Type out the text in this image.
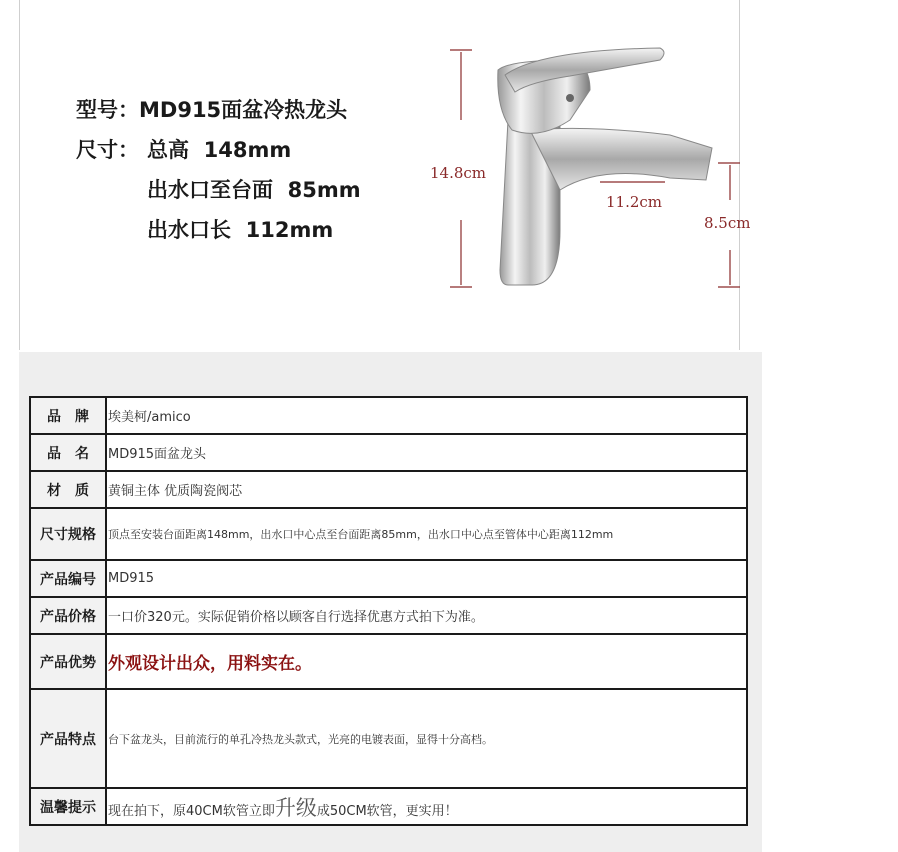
型号：MD915面盆冷热龙头
尺寸： 总高 148mm
出水口至台面 85mm
出水口长 112mm
14.8cm
11.2cm
8.5cm
品　牌	埃美柯/amico
品　名	MD915面盆龙头
材　质	黄铜主体 优质陶瓷阀芯
尺寸规格	顶点至安装台面距离148mm，出水口中心点至台面距离85mm，出水口中心点至管体中心距离112mm
产品编号	MD915
产品价格	一口价320元。实际促销价格以顾客自行选择优惠方式拍下为准。
产品优势	外观设计出众，用料实在。
产品特点	台下盆龙头，目前流行的单孔冷热龙头款式，光亮的电镀表面，显得十分高档。
温馨提示	现在拍下，原40CM软管立即升级成50CM软管，更实用！
